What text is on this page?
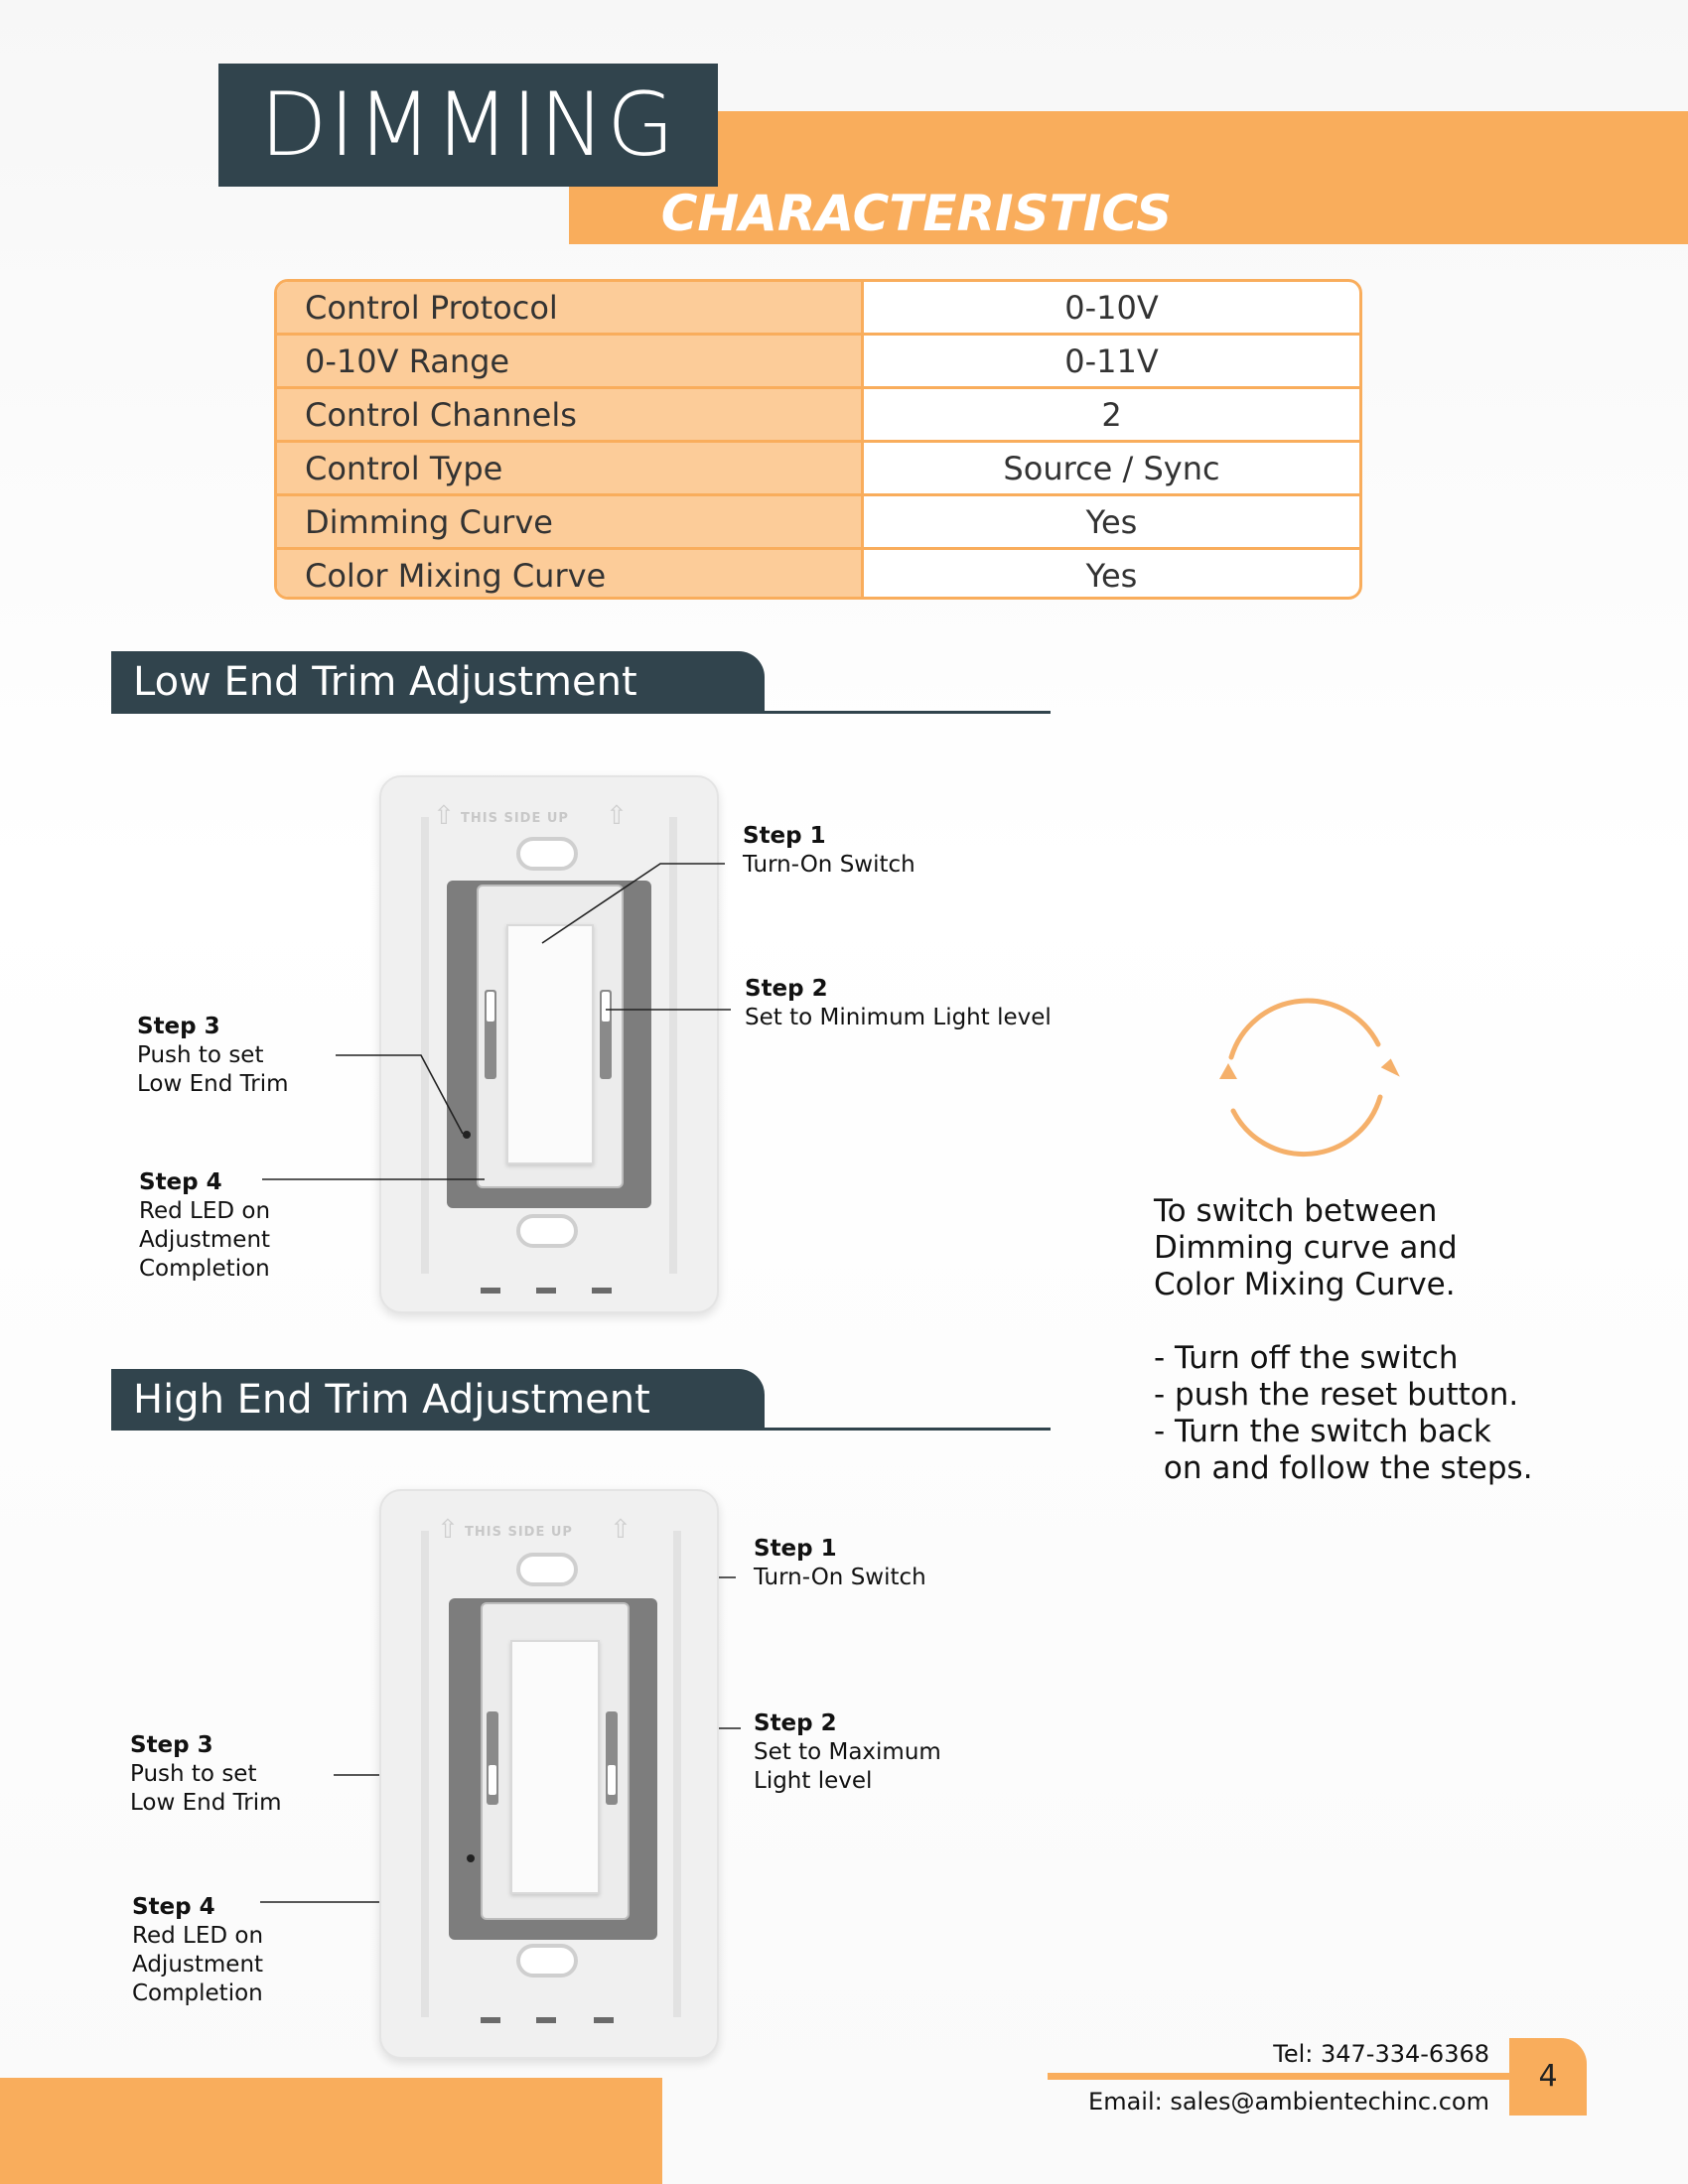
DIMMING
CHARACTERISTICS
Control Protocol	0-10V
0-10V Range	0-11V
Control Channels	2
Control Type	Source / Sync
Dimming Curve	Yes
Color Mixing Curve	Yes
Low End Trim Adjustment
THIS SIDE UP
⇧	⇧
Step 1
Turn-On Switch
Step 2
Set to Minimum Light level
Step 3
Push to set
Low End Trim
Step 4
Red LED on
Adjustment
Completion
To switch between
Dimming curve and
Color Mixing Curve.
- Turn off the switch
- push the reset button.
- Turn the switch back
on and follow the steps.
High End Trim Adjustment
THIS SIDE UP
⇧	⇧
Step 1
Turn-On Switch
Step 2
Set to Maximum
Light level
Step 3
Push to set
Low End Trim
Step 4
Red LED on
Adjustment
Completion
Tel: 347-334-6368
Email: sales@ambientechinc.com
4
